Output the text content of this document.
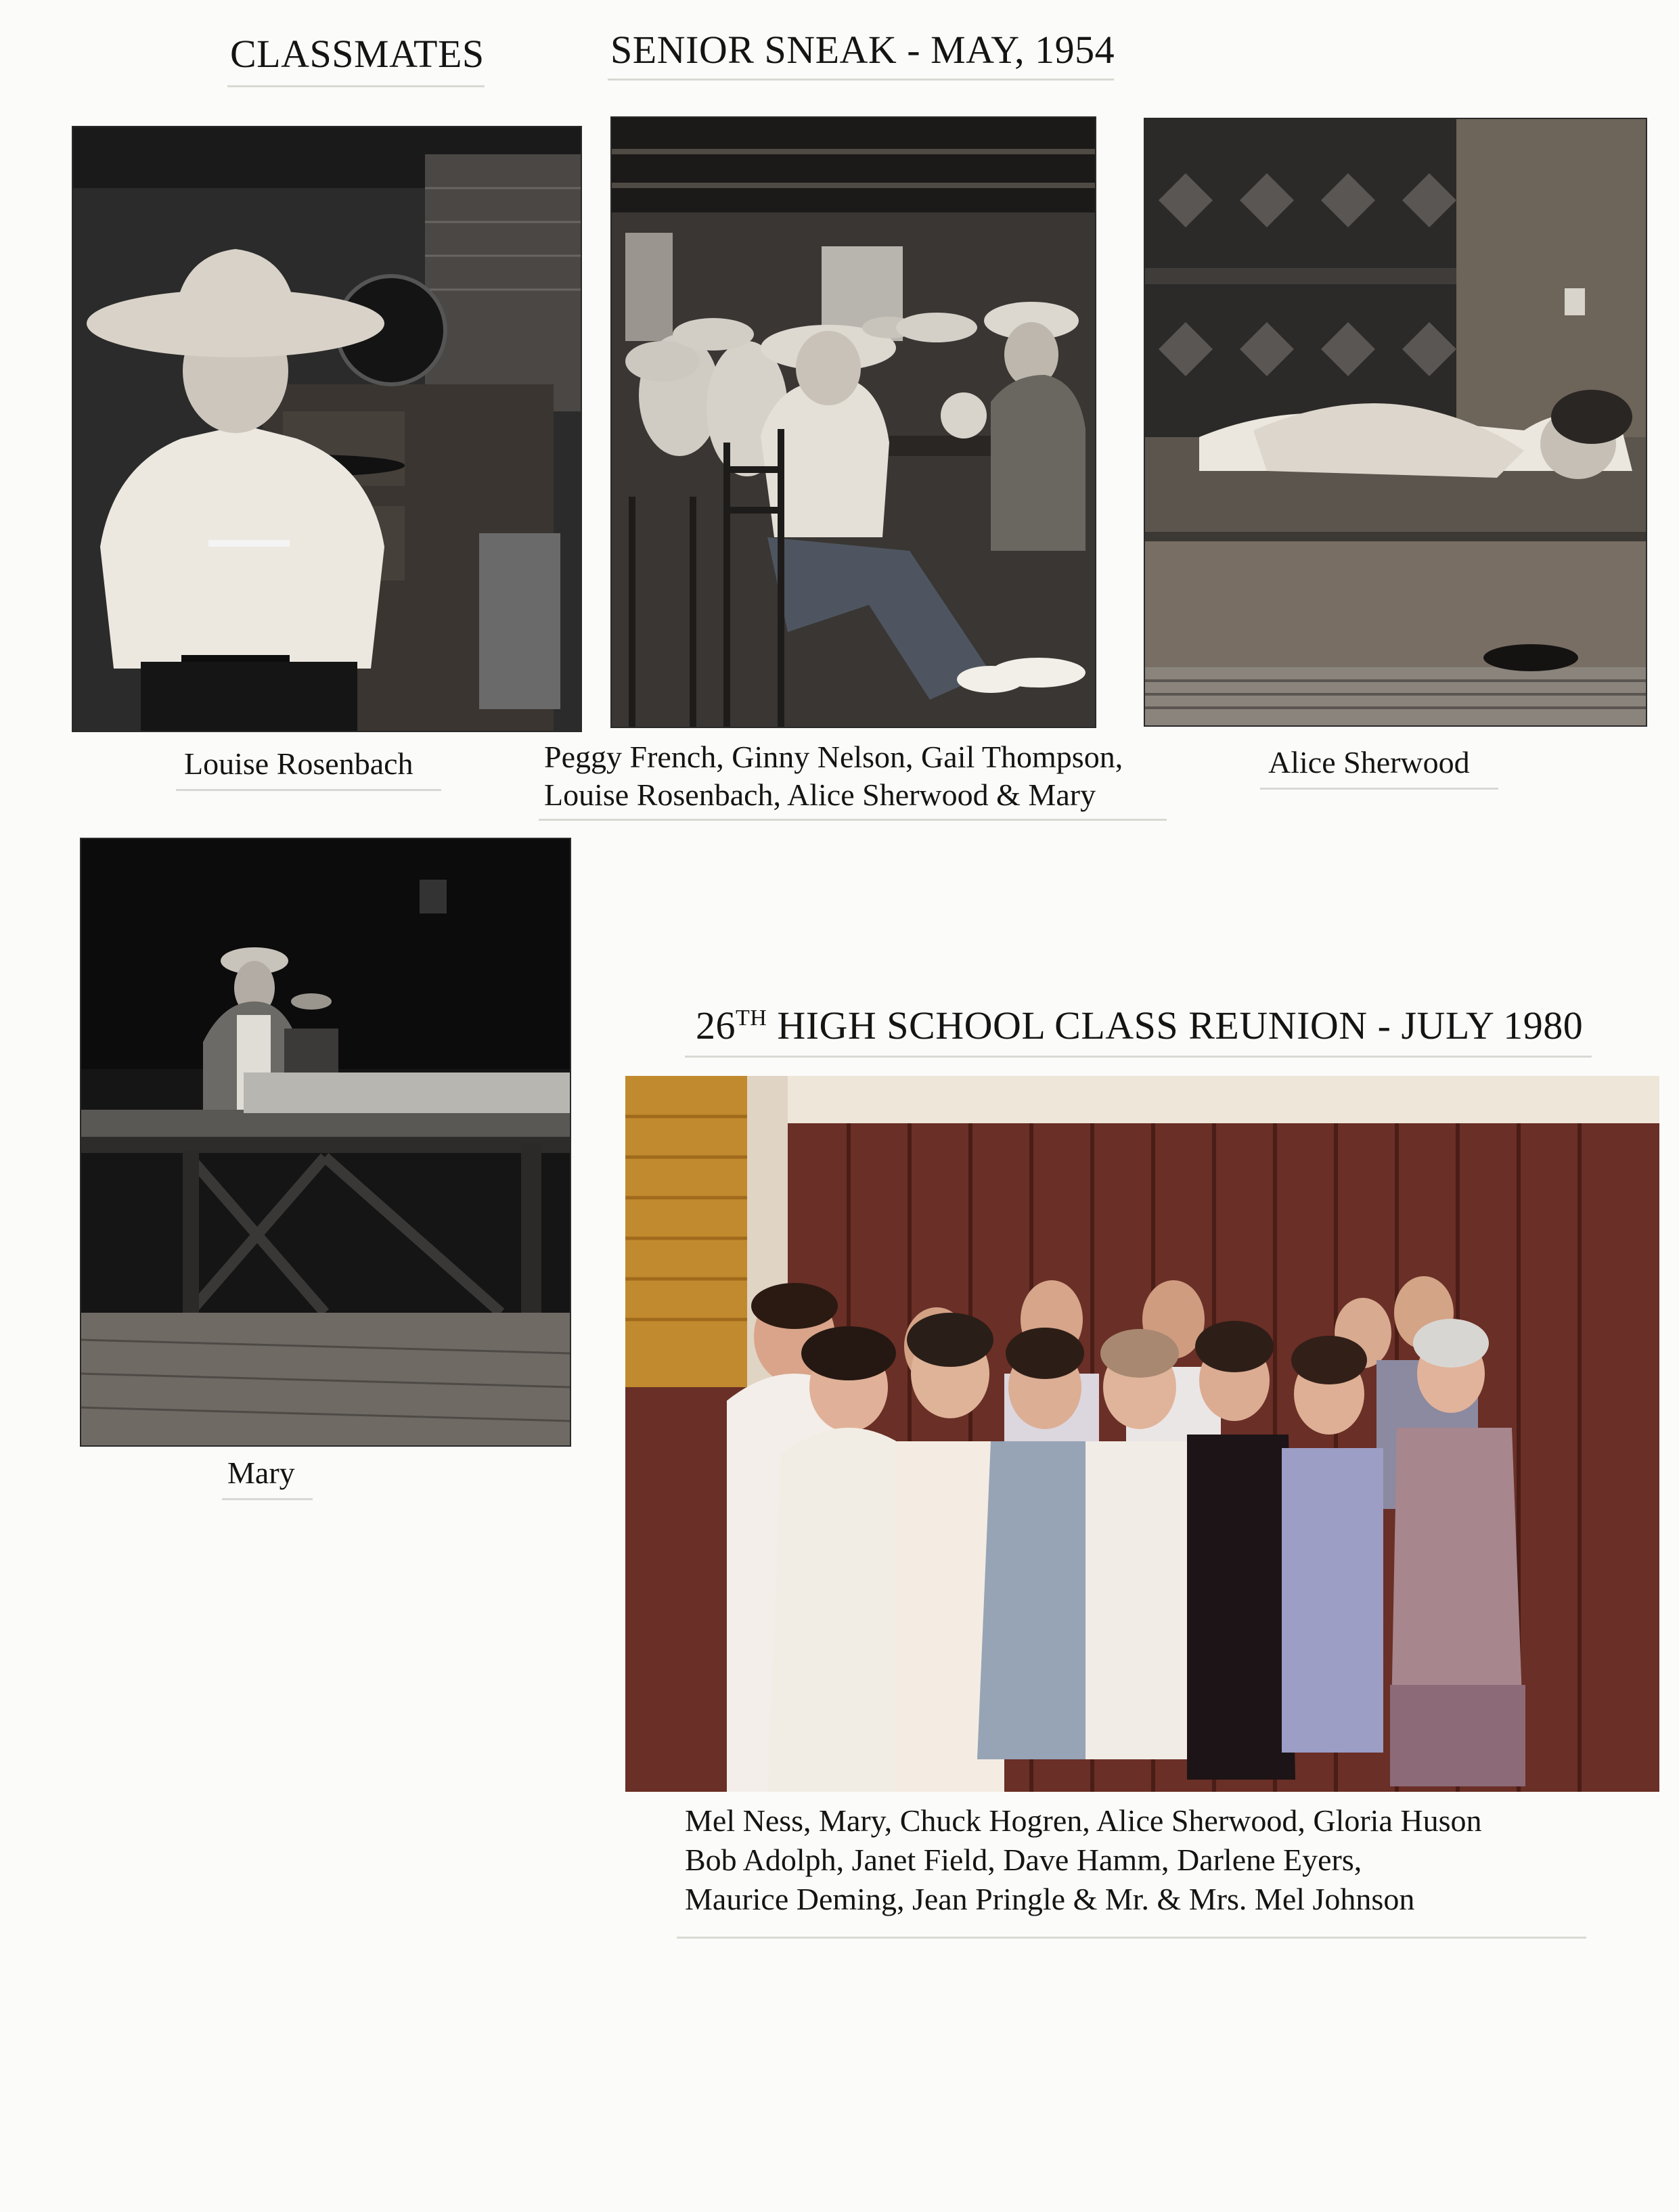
CLASSMATES	SENIOR SNEAK - MAY, 1954
Louise Rosenbach	Peggy French, Ginny Nelson, Gail Thompson,
Louise Rosenbach, Alice Sherwood & Mary
Alice Sherwood
Mary
26TH HIGH SCHOOL CLASS REUNION - JULY 1980
Mel Ness, Mary, Chuck Hogren, Alice Sherwood, Gloria Huson
Bob Adolph, Janet Field, Dave Hamm, Darlene Eyers,
Maurice Deming, Jean Pringle & Mr. & Mrs. Mel Johnson
